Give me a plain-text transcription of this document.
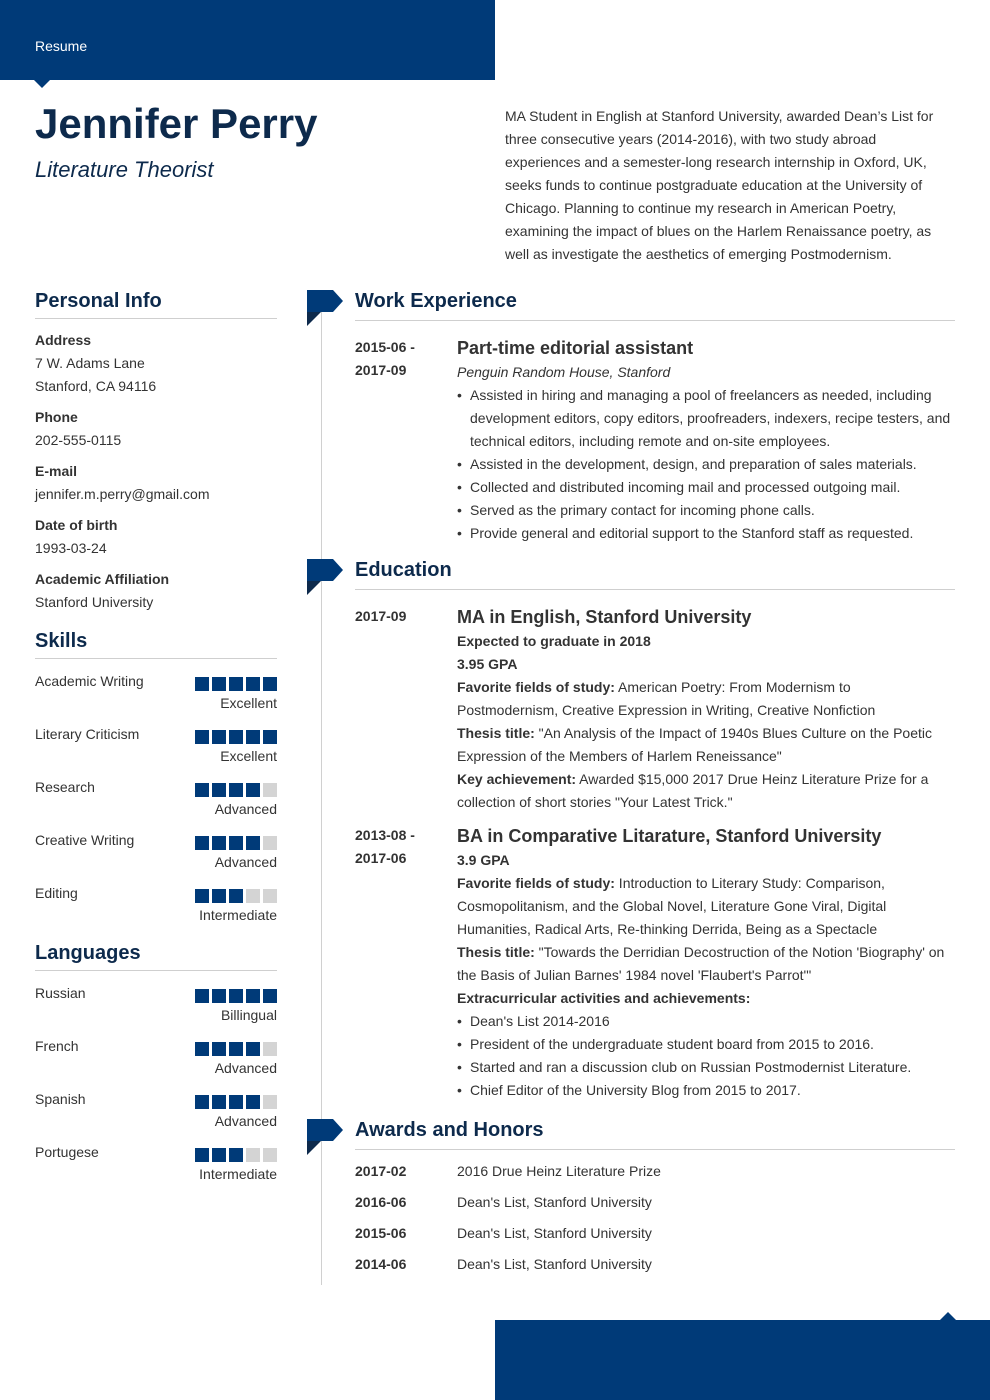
Resume
Jennifer Perry
Literature Theorist

MA Student in English at Stanford University, awarded Dean’s List for three consecutive years (2014-2016), with two study abroad experiences and a semester-long research internship in Oxford, UK, seeks funds to continue postgraduate education at the University of Chicago. Planning to continue my research in American Poetry, examining the impact of blues on the Harlem Renaissance poetry, as well as investigate the aesthetics of emerging Postmodernism.

Personal Info
Address
7 W. Adams Lane
Stanford, CA 94116
Phone
202-555-0115
E-mail
jennifer.m.perry@gmail.com
Date of birth
1993-03-24
Academic Affiliation
Stanford University
Skills
Academic Writing
Excellent
Literary Criticism
Excellent
Research
Advanced
Creative Writing
Advanced
Editing
Intermediate
Languages
Russian
Billingual
French
Advanced
Spanish
Advanced
Portugese
Intermediate
Work Experience
2015-06 -
2017-09
Part-time editorial assistant
Penguin Random House, Stanford
• Assisted in hiring and managing a pool of freelancers as needed, including development editors, copy editors, proofreaders, indexers, recipe testers, and technical editors, including remote and on-site employees.
• Assisted in the development, design, and preparation of sales materials.
• Collected and distributed incoming mail and processed outgoing mail.
• Served as the primary contact for incoming phone calls.
• Provide general and editorial support to the Stanford staff as requested.
Education
2017-09	MA in English, Stanford University
Expected to graduate in 2018
3.95 GPA
Favorite fields of study: American Poetry: From Modernism to Postmodernism, Creative Expression in Writing, Creative Nonfiction
Thesis title: "An Analysis of the Impact of 1940s Blues Culture on the Poetic Expression of the Members of Harlem Reneissance"
Key achievement: Awarded $15,000 2017 Drue Heinz Literature Prize for a collection of short stories "Your Latest Trick."
2013-08 -
2017-06
BA in Comparative Litarature, Stanford University
3.9 GPA
Favorite fields of study: Introduction to Literary Study: Comparison, Cosmopolitanism, and the Global Novel, Literature Gone Viral, Digital Humanities, Radical Arts, Re-thinking Derrida, Being as a Spectacle
Thesis title: "Towards the Derridian Decostruction of the Notion 'Biography' on the Basis of Julian Barnes' 1984 novel 'Flaubert's Parrot'"
Extracurricular activities and achievements:
• Dean's List 2014-2016
• President of the undergraduate student board from 2015 to 2016.
• Started and ran a discussion club on Russian Postmodernist Literature.
• Chief Editor of the University Blog from 2015 to 2017.
Awards and Honors
2017-02	2016 Drue Heinz Literature Prize
2016-06	Dean's List, Stanford University
2015-06	Dean's List, Stanford University
2014-06	Dean's List, Stanford University
